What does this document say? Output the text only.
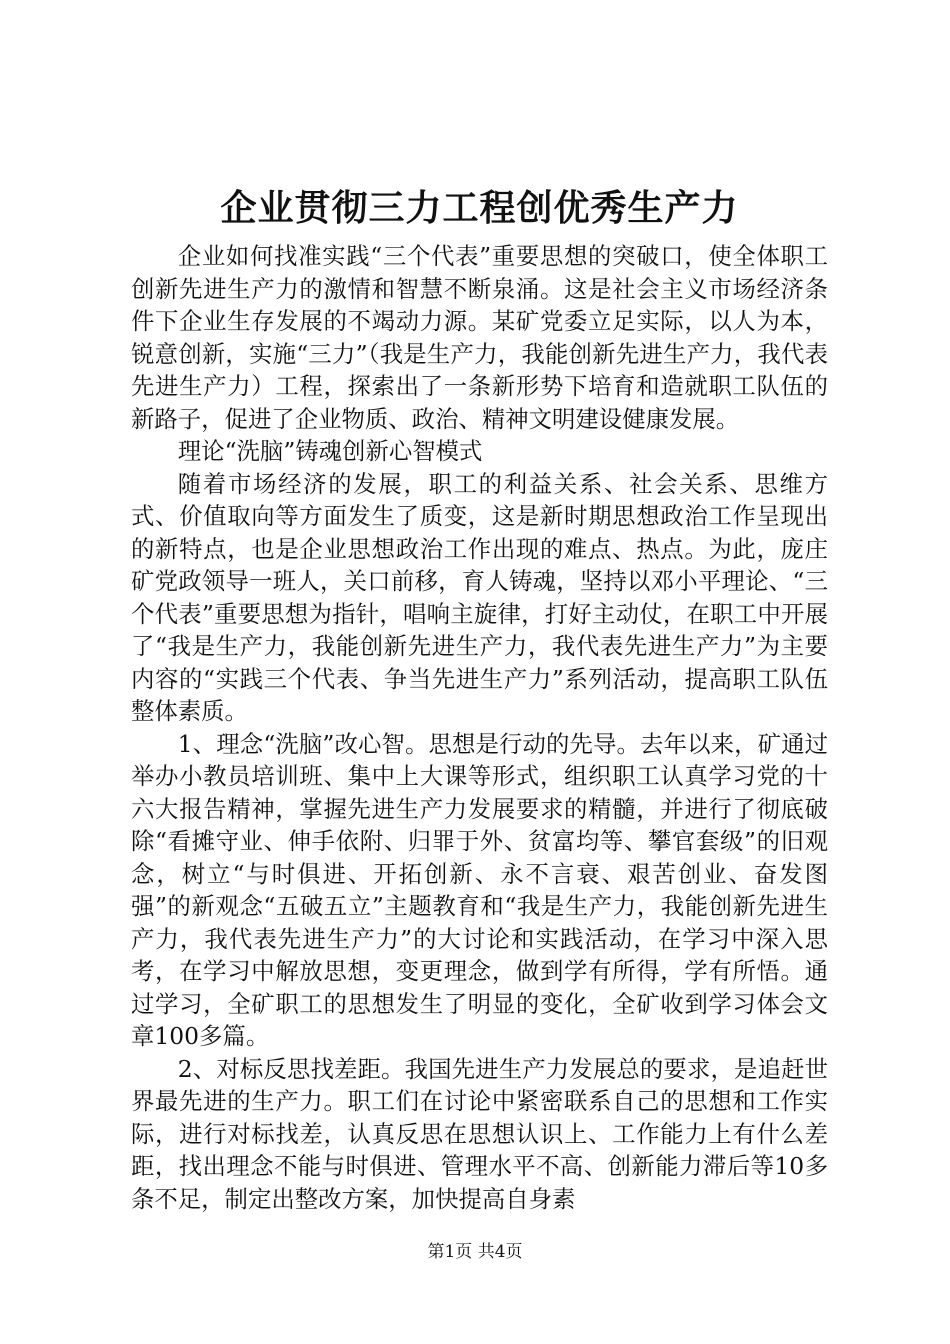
企业贯彻三力工程创优秀生产力

企业如何找准实践“三个代表”重要思想的突破口，使全体职工创新先进生产力的激情和智慧不断泉涌。这是社会主义市场经济条件下企业生存发展的不竭动力源。某矿党委立足实际，以人为本，锐意创新，实施“三力”（我是生产力，我能创新先进生产力，我代表先进生产力）工程，探索出了一条新形势下培育和造就职工队伍的新路子，促进了企业物质、政治、精神文明建设健康发展。

理论“洗脑”铸魂创新心智模式

随着市场经济的发展，职工的利益关系、社会关系、思维方式、价值取向等方面发生了质变，这是新时期思想政治工作呈现出的新特点，也是企业思想政治工作出现的难点、热点。为此，庞庄矿党政领导一班人，关口前移，育人铸魂，坚持以邓小平理论、“三个代表”重要思想为指针，唱响主旋律，打好主动仗，在职工中开展了“我是生产力，我能创新先进生产力，我代表先进生产力”为主要内容的“实践三个代表、争当先进生产力”系列活动，提高职工队伍整体素质。

1、理念“洗脑”改心智。思想是行动的先导。去年以来，矿通过举办小教员培训班、集中上大课等形式，组织职工认真学习党的十六大报告精神，掌握先进生产力发展要求的精髓，并进行了彻底破除“看摊守业、伸手依附、归罪于外、贫富均等、攀官套级”的旧观念，树立“与时俱进、开拓创新、永不言衰、艰苦创业、奋发图强”的新观念“五破五立”主题教育和“我是生产力，我能创新先进生产力，我代表先进生产力”的大讨论和实践活动，在学习中深入思考，在学习中解放思想，变更理念，做到学有所得，学有所悟。通过学习，全矿职工的思想发生了明显的变化，全矿收到学习体会文章100多篇。

2、对标反思找差距。我国先进生产力发展总的要求，是追赶世界最先进的生产力。职工们在讨论中紧密联系自己的思想和工作实际，进行对标找差，认真反思在思想认识上、工作能力上有什么差距，找出理念不能与时俱进、管理水平不高、创新能力滞后等10多条不足，制定出整改方案，加快提高自身素

第1页 共4页
